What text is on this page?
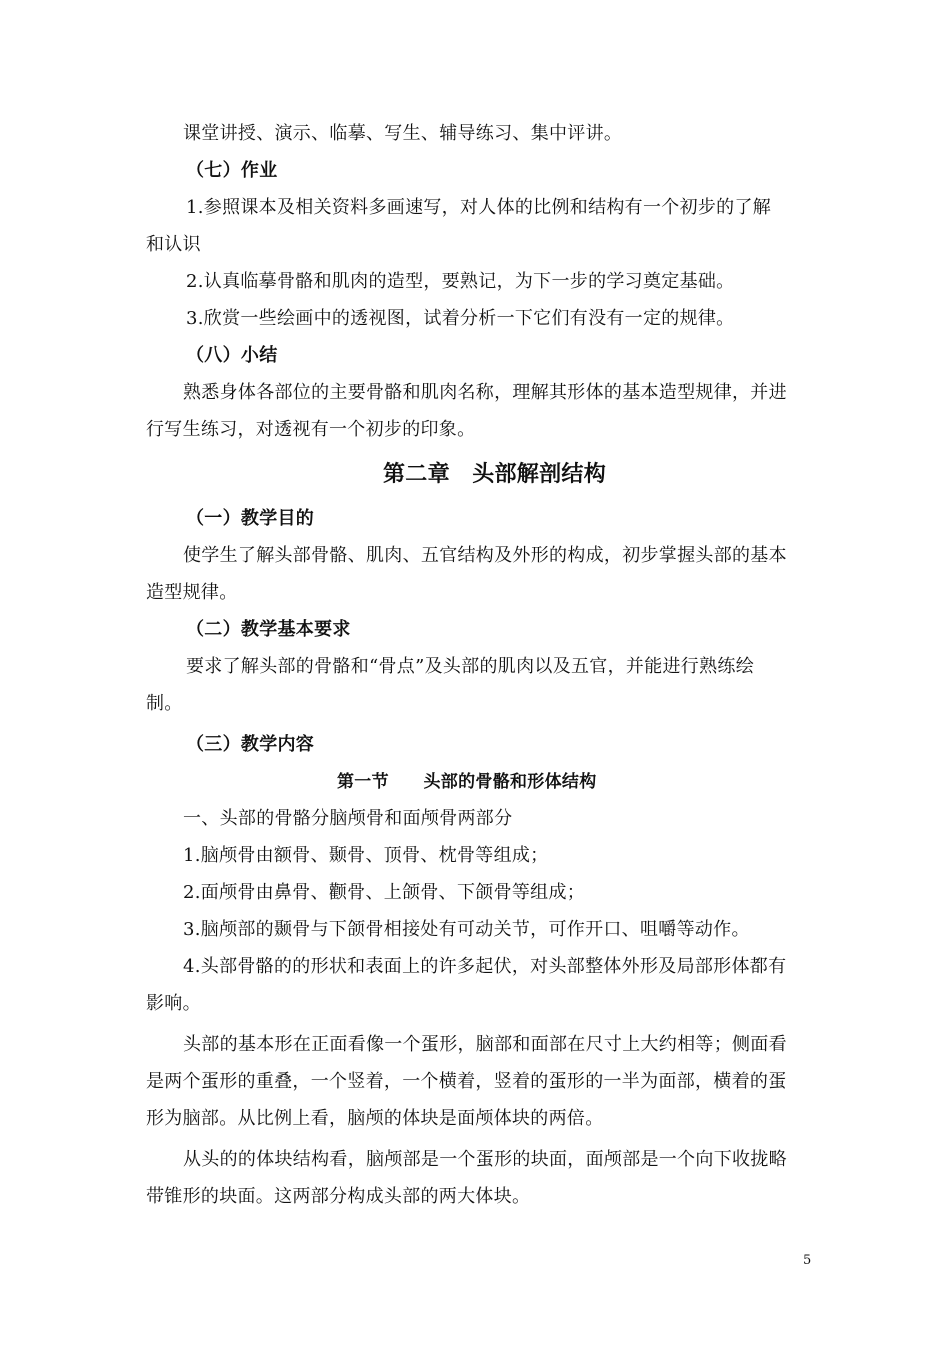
课堂讲授、演示、临摹、写生、辅导练习、集中评讲。
（七）作业
1.参照课本及相关资料多画速写，对人体的比例和结构有一个初步的了解
和认识
2.认真临摹骨骼和肌肉的造型，要熟记，为下一步的学习奠定基础。
3.欣赏一些绘画中的透视图，试着分析一下它们有没有一定的规律。
（八）小结
熟悉身体各部位的主要骨骼和肌肉名称，理解其形体的基本造型规律，并进
行写生练习，对透视有一个初步的印象。
第二章　头部解剖结构
（一）教学目的
使学生了解头部骨骼、肌肉、五官结构及外形的构成，初步掌握头部的基本
造型规律。
（二）教学基本要求
要求了解头部的骨骼和“骨点”及头部的肌肉以及五官，并能进行熟练绘
制。
（三）教学内容
第一节　　头部的骨骼和形体结构
一、头部的骨骼分脑颅骨和面颅骨两部分
1.脑颅骨由额骨、颞骨、顶骨、枕骨等组成；
2.面颅骨由鼻骨、颧骨、上颌骨、下颌骨等组成；
3.脑颅部的颞骨与下颌骨相接处有可动关节，可作开口、咀嚼等动作。
4.头部骨骼的的形状和表面上的许多起伏，对头部整体外形及局部形体都有
影响。
头部的基本形在正面看像一个蛋形，脑部和面部在尺寸上大约相等；侧面看
是两个蛋形的重叠，一个竖着，一个横着，竖着的蛋形的一半为面部，横着的蛋
形为脑部。从比例上看，脑颅的体块是面颅体块的两倍。
从头的的体块结构看，脑颅部是一个蛋形的块面，面颅部是一个向下收拢略
带锥形的块面。这两部分构成头部的两大体块。
5
